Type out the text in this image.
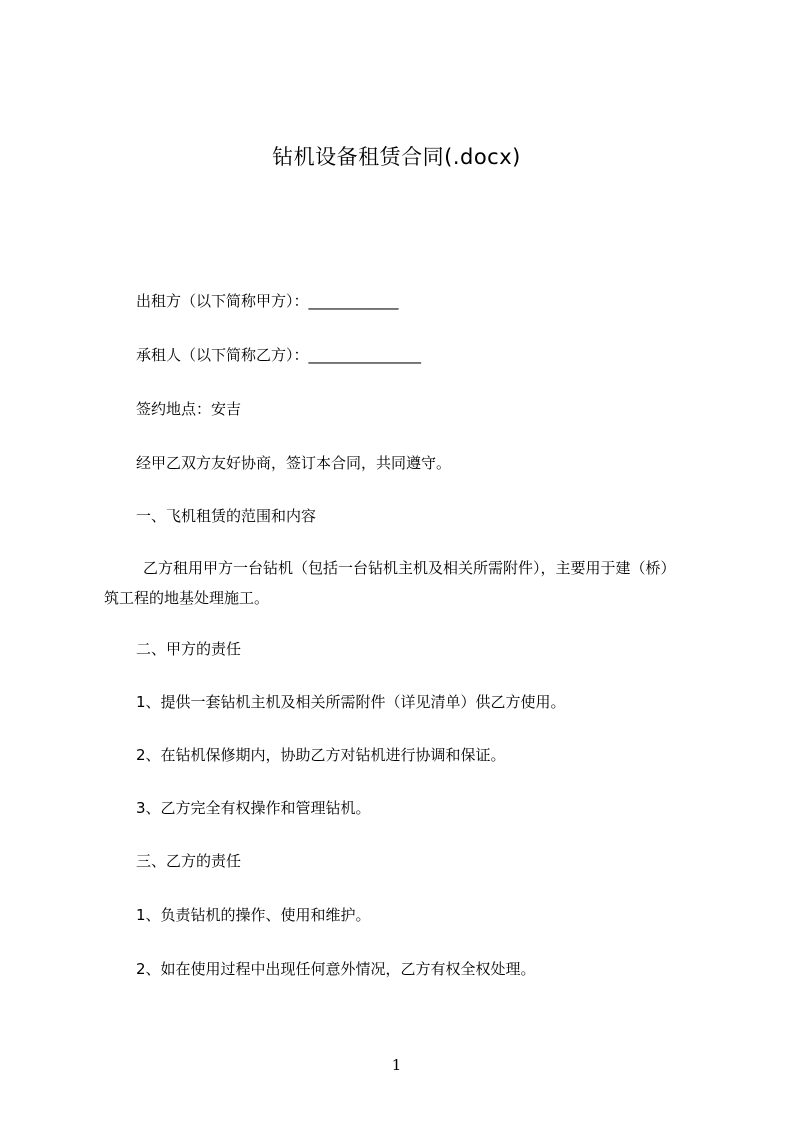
钻机设备租赁合同(.docx)
出租方（以下简称甲方）：____________
承租人（以下简称乙方）：_______________
签约地点：安吉
经甲乙双方友好协商，签订本合同，共同遵守。
一、飞机租赁的范围和内容
乙方租用甲方一台钻机（包括一台钻机主机及相关所需附件），主要用于建（桥）
筑工程的地基处理施工。
二、甲方的责任
1、提供一套钻机主机及相关所需附件（详见清单）供乙方使用。
2、在钻机保修期内，协助乙方对钻机进行协调和保证。
3、乙方完全有权操作和管理钻机。
三、乙方的责任
1、负责钻机的操作、使用和维护。
2、如在使用过程中出现任何意外情况，乙方有权全权处理。
1
